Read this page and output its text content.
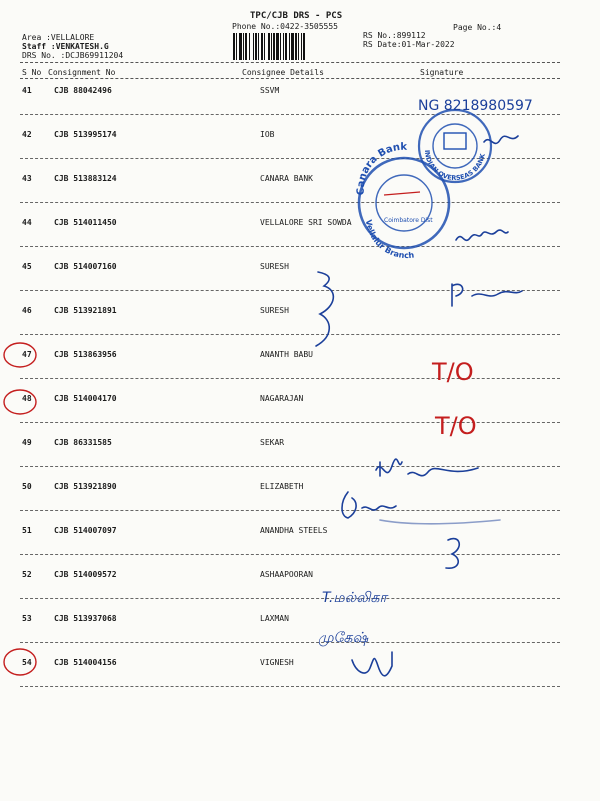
TPC/CJB DRS - PCS
Phone No.:0422-3505555	Page No.:4
Area :VELLALORE
Staff :VENKATESH.G
DRS No. :DCJB69911204
RS No.:899112
RS Date:01-Mar-2022
S No Consignment No	Consignee Details	Signature
41	CJB 88042496	SSVM
42	CJB 513995174	IOB
43	CJB 513883124	CANARA BANK
44	CJB 514011450	VELLALORE SRI SOWDA
45	CJB 514007160	SURESH
46	CJB 513921891	SURESH
47	CJB 513863956	ANANTH BABU
48	CJB 514004170	NAGARAJAN
49	CJB 86331585	SEKAR
50	CJB 513921890	ELIZABETH
51	CJB 514007097	ANANDHA STEELS
52	CJB 514009572	ASHAAPOORAN
53	CJB 513937068	LAXMAN
54	CJB 514004156	VIGNESH
INDIAN OVERSEAS BANK
Canara Bank
Vellalur Branch
Coimbatore Dist
NG 8218980597
T.மல்லிகா
முகேஷ்
T/O
T/O
